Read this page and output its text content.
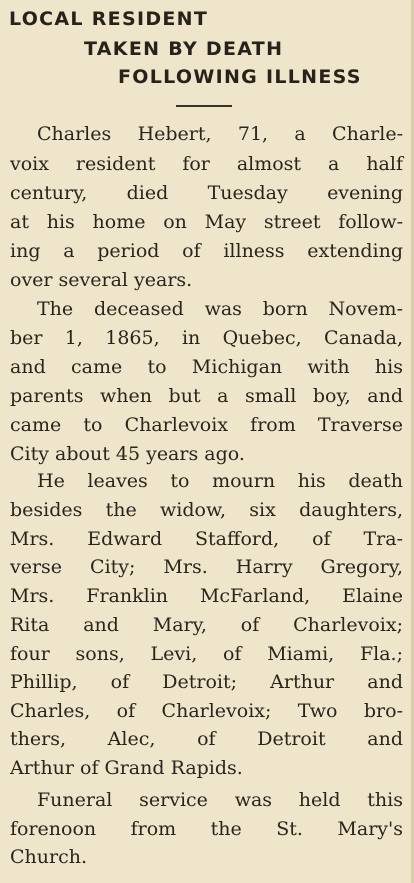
LOCAL RESIDENT
TAKEN BY DEATH
FOLLOWING ILLNESS
Charles Hebert, 71, a Charle-
voix resident for almost a half
century, died Tuesday evening
at his home on May street follow-
ing a period of illness extending
over several years.
The deceased was born Novem-
ber 1, 1865, in Quebec, Canada,
and came to Michigan with his
parents when but a small boy, and
came to Charlevoix from Traverse
City about 45 years ago.
He leaves to mourn his death
besides the widow, six daughters,
Mrs. Edward Stafford, of Tra-
verse City; Mrs. Harry Gregory,
Mrs. Franklin McFarland, Elaine
Rita and Mary, of Charlevoix;
four sons, Levi, of Miami, Fla.;
Phillip, of Detroit; Arthur and
Charles, of Charlevoix; Two bro-
thers, Alec, of Detroit and
Arthur of Grand Rapids.
Funeral service was held this
forenoon from the St. Mary's
Church.
